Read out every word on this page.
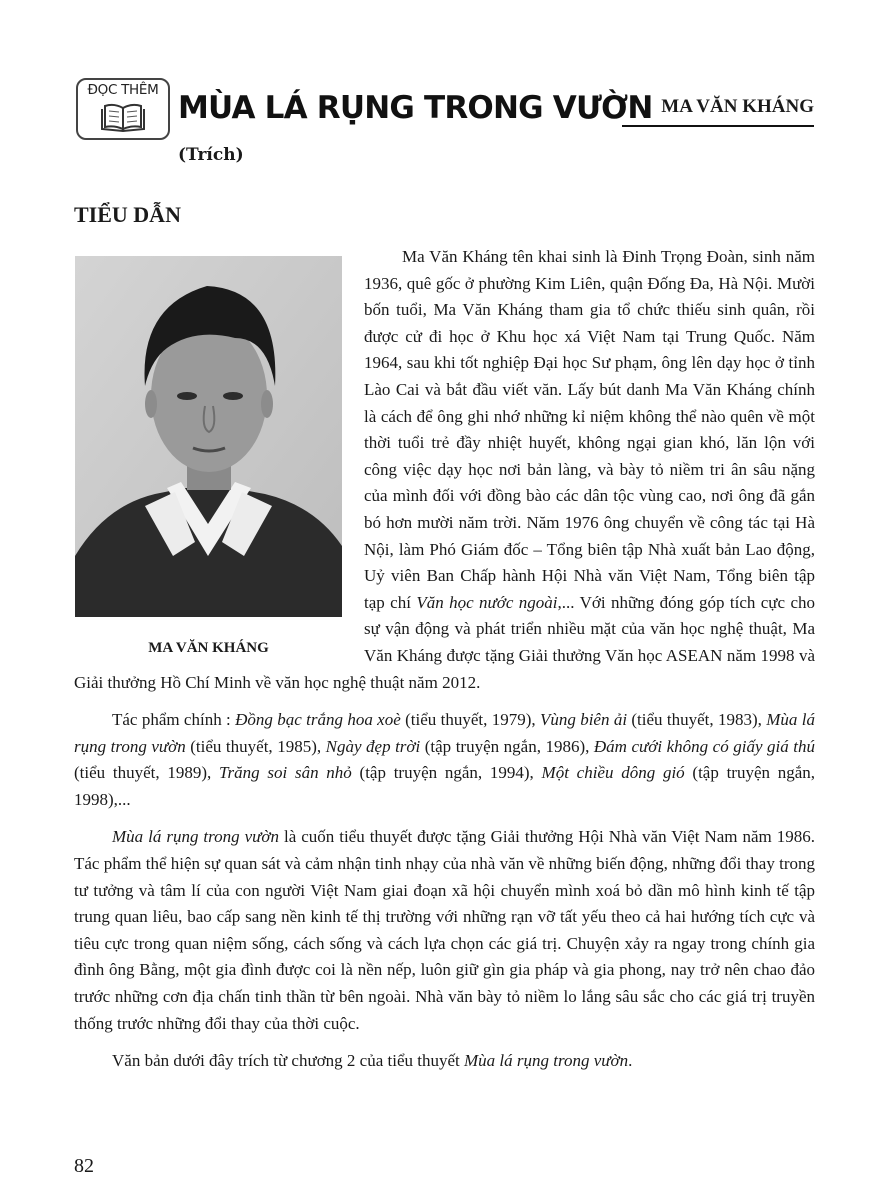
ĐỌC THÊM MÙA LÁ RỤNG TRONG VƯỜN MA VĂN KHÁNG
(Trích)
TIỂU DẪN
MA VĂN KHÁNG

Ma Văn Kháng tên khai sinh là Đinh Trọng Đoàn, sinh năm 1936, quê gốc ở phường Kim Liên, quận Đống Đa, Hà Nội. Mười bốn tuổi, Ma Văn Kháng tham gia tổ chức thiếu sinh quân, rồi được cử đi học ở Khu học xá Việt Nam tại Trung Quốc. Năm 1964, sau khi tốt nghiệp Đại học Sư phạm, ông lên dạy học ở tỉnh Lào Cai và bắt đầu viết văn. Lấy bút danh Ma Văn Kháng chính là cách để ông ghi nhớ những kỉ niệm không thể nào quên về một thời tuổi trẻ đầy nhiệt huyết, không ngại gian khó, lăn lộn với công việc dạy học nơi bản làng, và bày tỏ niềm tri ân sâu nặng của mình đối với đồng bào các dân tộc vùng cao, nơi ông đã gắn bó hơn mười năm trời. Năm 1976 ông chuyển về công tác tại Hà Nội, làm Phó Giám đốc – Tổng biên tập Nhà xuất bản Lao động, Uỷ viên Ban Chấp hành Hội Nhà văn Việt Nam, Tổng biên tập tạp chí Văn học nước ngoài,... Với những đóng góp tích cực cho sự vận động và phát triển nhiều mặt của văn học nghệ thuật, Ma Văn Kháng được tặng Giải thưởng Văn học ASEAN năm 1998 và Giải thưởng Hồ Chí Minh về văn học nghệ thuật năm 2012.

Tác phẩm chính : Đồng bạc trắng hoa xoè (tiểu thuyết, 1979), Vùng biên ải (tiểu thuyết, 1983), Mùa lá rụng trong vườn (tiểu thuyết, 1985), Ngày đẹp trời (tập truyện ngắn, 1986), Đám cưới không có giấy giá thú (tiểu thuyết, 1989), Trăng soi sân nhỏ (tập truyện ngắn, 1994), Một chiều dông gió (tập truyện ngắn, 1998),...

Mùa lá rụng trong vườn là cuốn tiểu thuyết được tặng Giải thưởng Hội Nhà văn Việt Nam năm 1986. Tác phẩm thể hiện sự quan sát và cảm nhận tinh nhạy của nhà văn về những biến động, những đổi thay trong tư tưởng và tâm lí của con người Việt Nam giai đoạn xã hội chuyển mình xoá bỏ dần mô hình kinh tế tập trung quan liêu, bao cấp sang nền kinh tế thị trường với những rạn vỡ tất yếu theo cả hai hướng tích cực và tiêu cực trong quan niệm sống, cách sống và cách lựa chọn các giá trị. Chuyện xảy ra ngay trong chính gia đình ông Bằng, một gia đình được coi là nền nếp, luôn giữ gìn gia pháp và gia phong, nay trở nên chao đảo trước những cơn địa chấn tinh thần từ bên ngoài. Nhà văn bày tỏ niềm lo lắng sâu sắc cho các giá trị truyền thống trước những đổi thay của thời cuộc.

Văn bản dưới đây trích từ chương 2 của tiểu thuyết Mùa lá rụng trong vườn.

82
